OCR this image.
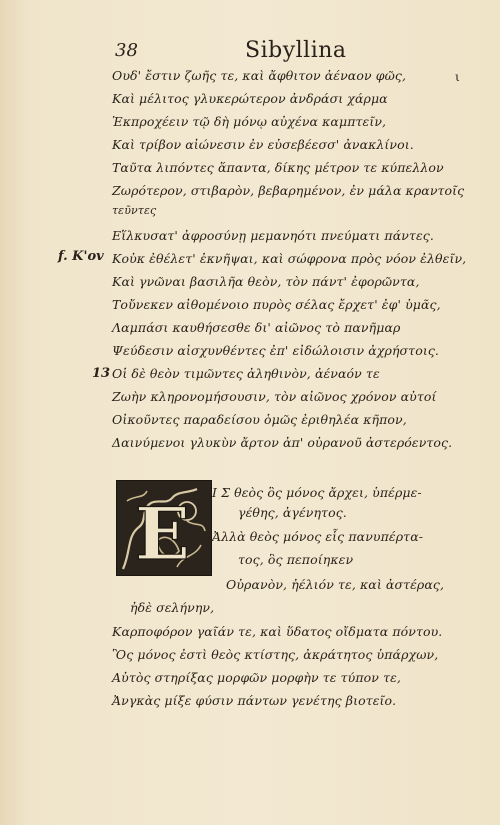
38	Sibyllina
ι
Ουδ' ἔστιν ζωῆς τε, καὶ ἄφθιτον ἀέναον φῶς,
Καὶ μέλιτος γλυκερώτερον ἀνδράσι χάρμα
Ἐκπροχέειν τῷ δὴ μόνῳ αὐχένα καμπτεῖν,
Καὶ τρίβον αἰώνεσιν ἐν εὐσεβέεσσ' ἀνακλίνοι.
Ταῦτα λιπόντες ἅπαντα, δίκης μέτρον τε κύπελλον
Ζωρότερον, στιβαρὸν, βεβαρημένον, ἐν μάλα κραντοῖς
τεῦντες
Εἵλκυσατ' ἀφροσύνῃ μεμανηότι πνεύματι πάντες.
f. K'ov Κοὐκ ἐθέλετ' ἐκνῆψαι, καὶ σώφρονα πρὸς νόον ἐλθεῖν,
Καὶ γνῶναι βασιλῆα θεὸν, τὸν πάντ' ἐφορῶντα,
Τοὔνεκεν αἰθομένοιο πυρὸς σέλας ἔρχετ' ἐφ' ὑμᾶς,
Λαμπάσι καυθήσεσθε δι' αἰῶνος τὸ πανῆμαρ
Ψεύδεσιν αἰσχυνθέντες ἐπ' εἰδώλοισιν ἀχρήστοις.
13 Οἱ δὲ θεὸν τιμῶντες ἀληθινὸν, ἀέναόν τε
Ζωὴν κληρονομήσουσιν, τὸν αἰῶνος χρόνον αὐτοί
Οἰκοῦντες παραδείσου ὁμῶς ἐριθηλέα κῆπον,
Δαινύμενοι γλυκὺν ἄρτον ἀπ' οὐρανοῦ ἀστερόεντος.
E Ι Σ θεὸς ὃς μόνος ἄρχει, ὑπέρμε-
γέθης, ἀγένητος.
Ἀλλὰ θεὸς μόνος εἷς πανυπέρτα-
τος, ὃς πεποίηκεν
Οὐρανὸν, ἠέλιόν τε, καὶ ἀστέρας,
ἠδὲ σελήνην,
Καρποφόρον γαῖάν τε, καὶ ὕδατος οἴδματα πόντου.
Ὃς μόνος ἐστὶ θεὸς κτίστης, ἀκράτητος ὑπάρχων,
Αὐτὸς στηρίξας μορφῶν μορφὴν τε τύπον τε,
Ἀνγκὰς μίξε φύσιν πάντων γενέτης βιοτεῖο.
